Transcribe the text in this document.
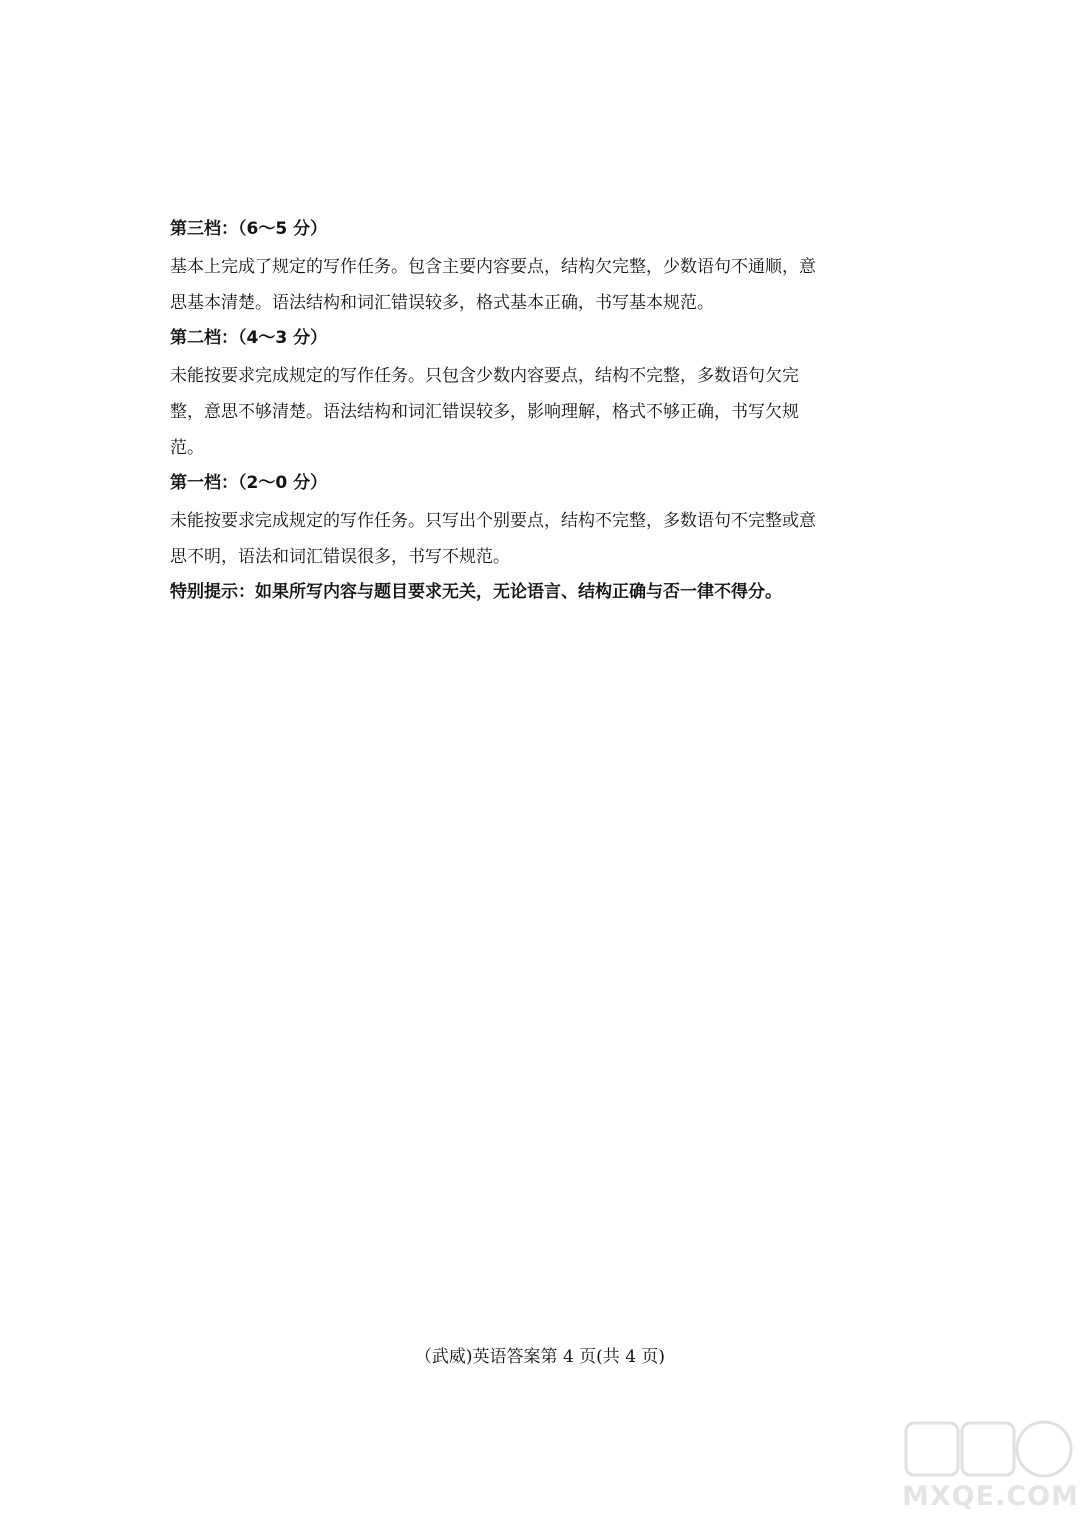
第三档：（6～5 分）
基本上完成了规定的写作任务。包含主要内容要点，结构欠完整，少数语句不通顺，意
思基本清楚。语法结构和词汇错误较多，格式基本正确，书写基本规范。
第二档：（4～3 分）
未能按要求完成规定的写作任务。只包含少数内容要点，结构不完整，多数语句欠完
整，意思不够清楚。语法结构和词汇错误较多，影响理解，格式不够正确，书写欠规
范。
第一档：（2～0 分）
未能按要求完成规定的写作任务。只写出个别要点，结构不完整，多数语句不完整或意
思不明，语法和词汇错误很多，书写不规范。
特别提示：如果所写内容与题目要求无关，无论语言、结构正确与否一律不得分。
（武威)英语答案第 4 页(共 4 页)
MXQE.COM
